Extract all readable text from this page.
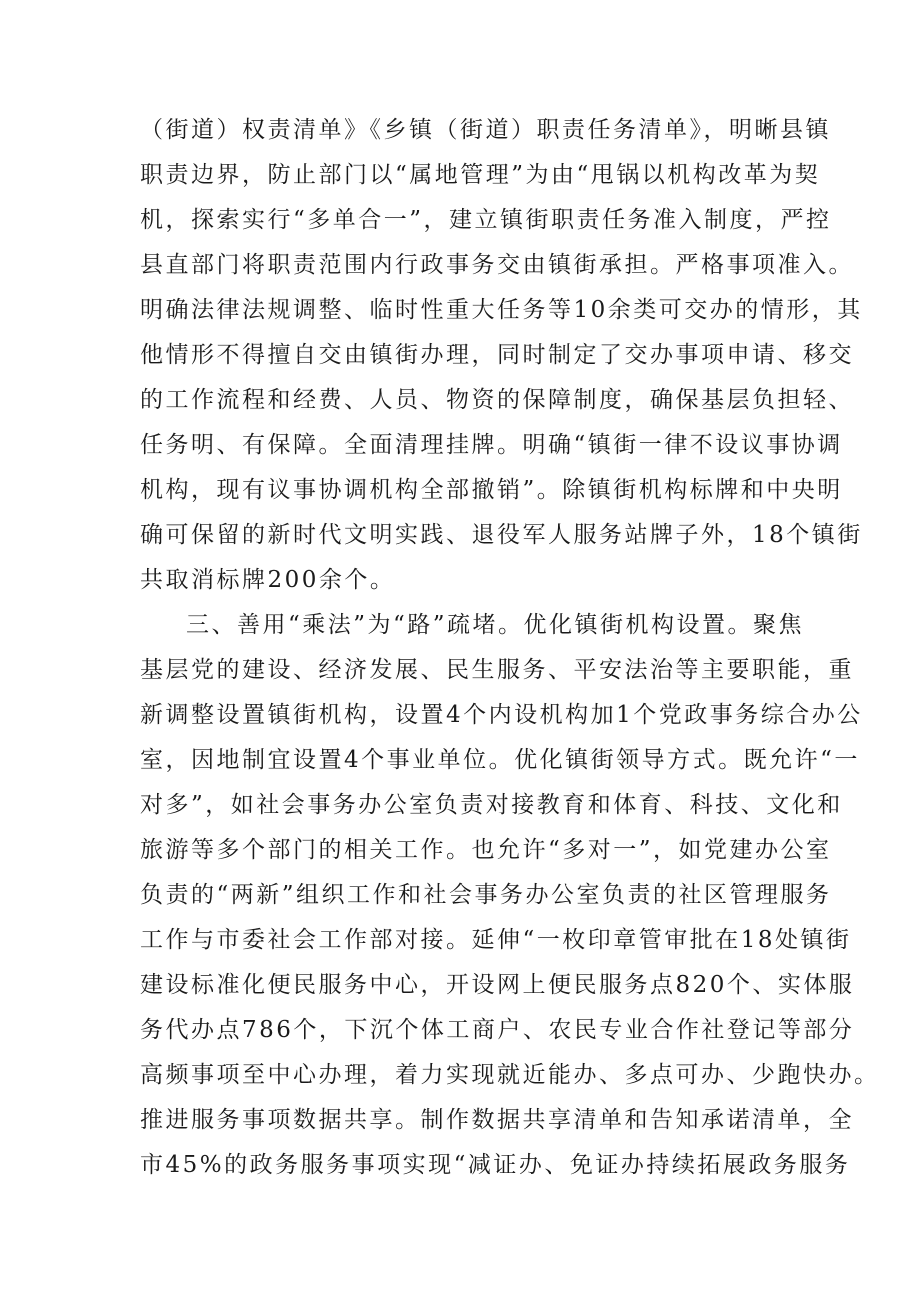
（街道）权责清单》《乡镇（街道）职责任务清单》，明晰县镇
职责边界，防止部门以“属地管理”为由“甩锅以机构改革为契
机，探索实行“多单合一”，建立镇街职责任务准入制度，严控
县直部门将职责范围内行政事务交由镇街承担。严格事项准入。
明确法律法规调整、临时性重大任务等10余类可交办的情形，其
他情形不得擅自交由镇街办理，同时制定了交办事项申请、移交
的工作流程和经费、人员、物资的保障制度，确保基层负担轻、
任务明、有保障。全面清理挂牌。明确“镇街一律不设议事协调
机构，现有议事协调机构全部撤销”。除镇街机构标牌和中央明
确可保留的新时代文明实践、退役军人服务站牌子外，18个镇街
共取消标牌200余个。
三、善用“乘法”为“路”疏堵。优化镇街机构设置。聚焦
基层党的建设、经济发展、民生服务、平安法治等主要职能，重
新调整设置镇街机构，设置4个内设机构加1个党政事务综合办公
室，因地制宜设置4个事业单位。优化镇街领导方式。既允许“一
对多”，如社会事务办公室负责对接教育和体育、科技、文化和
旅游等多个部门的相关工作。也允许“多对一”，如党建办公室
负责的“两新”组织工作和社会事务办公室负责的社区管理服务
工作与市委社会工作部对接。延伸“一枚印章管审批在18处镇街
建设标准化便民服务中心，开设网上便民服务点820个、实体服
务代办点786个，下沉个体工商户、农民专业合作社登记等部分
高频事项至中心办理，着力实现就近能办、多点可办、少跑快办。
推进服务事项数据共享。制作数据共享清单和告知承诺清单，全
市45%的政务服务事项实现“减证办、免证办持续拓展政务服务
